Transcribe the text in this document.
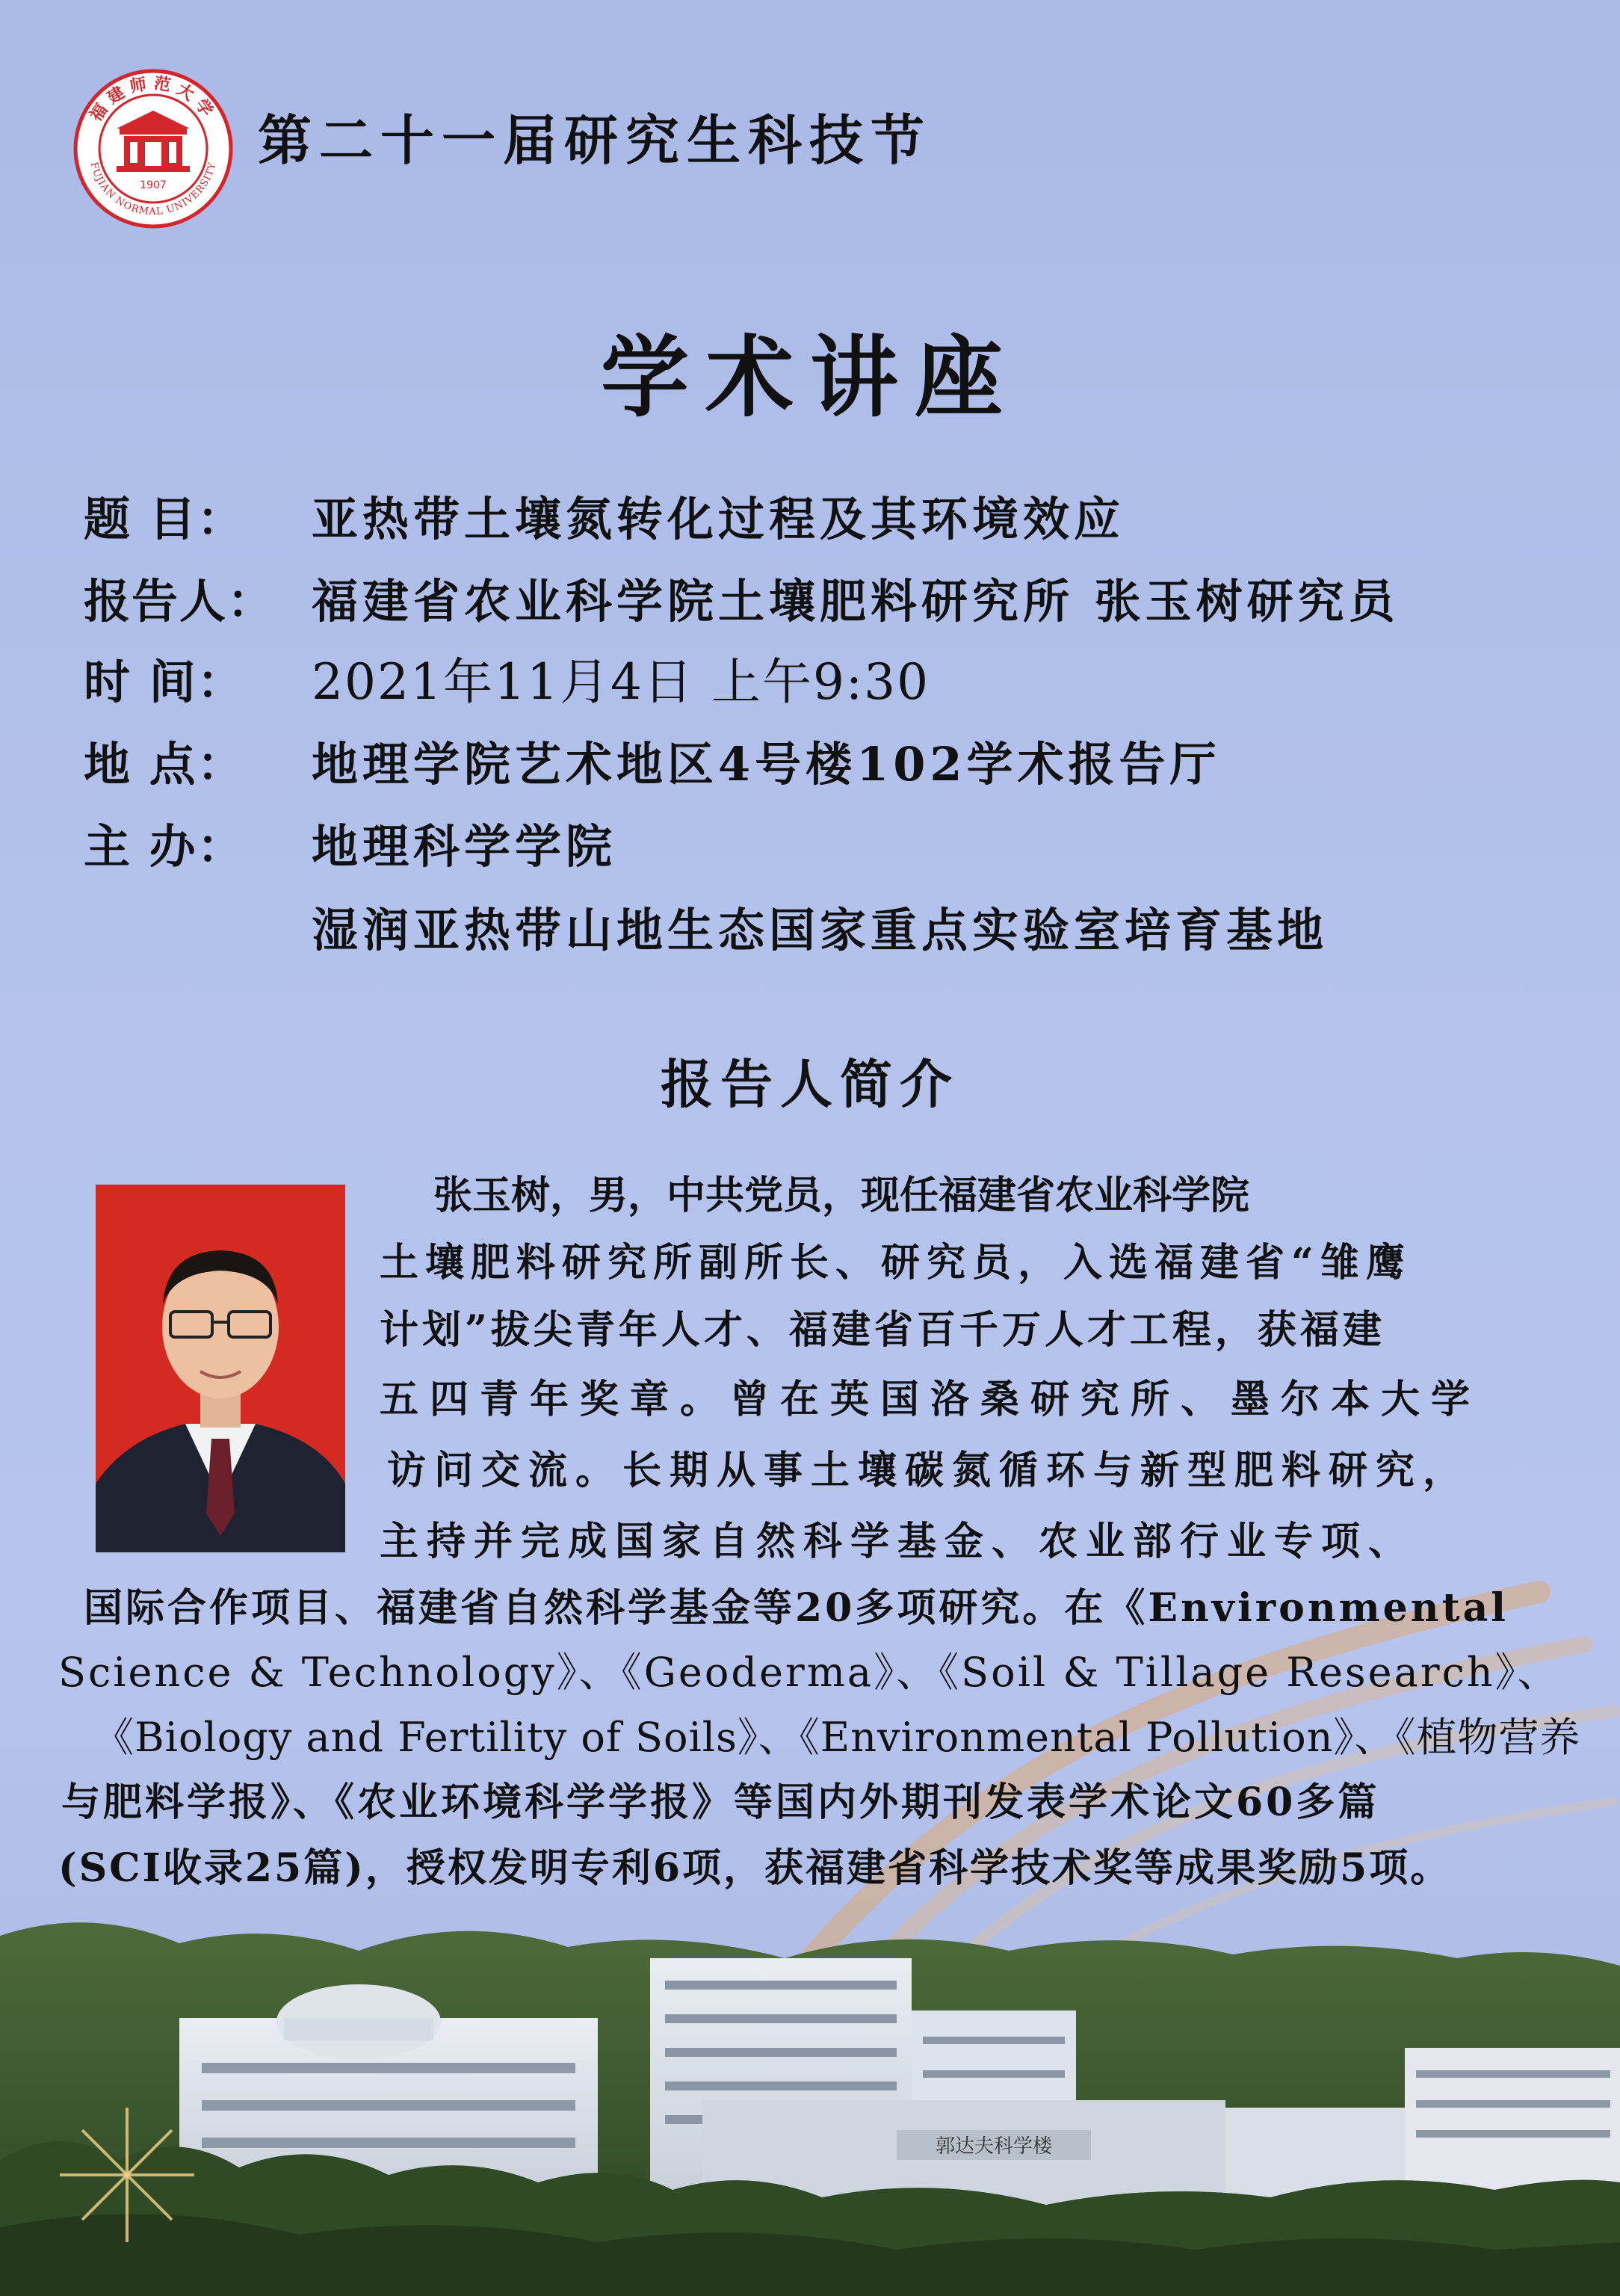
郭达夫科学楼
1907
福建师范大学
FUJIAN NORMAL UNIVERSITY 第二十一届研究生科技节
学术讲座
题 目： 亚热带土壤氮转化过程及其环境效应
报告人： 福建省农业科学院土壤肥料研究所 张玉树研究员
时 间： 2021年11月4日 上午9:30
地 点： 地理学院艺术地区4号楼102学术报告厅
主 办： 地理科学学院
湿润亚热带山地生态国家重点实验室培育基地
报告人简介
张玉树，男，中共党员，现任福建省农业科学院
土壤肥料研究所副所长、研究员，入选福建省“雏鹰
计划”拔尖青年人才、福建省百千万人才工程，获福建
五四青年奖章。曾在英国洛桑研究所、墨尔本大学
访问交流。长期从事土壤碳氮循环与新型肥料研究，
主持并完成国家自然科学基金、农业部行业专项、
国际合作项目、福建省自然科学基金等20多项研究。在《Environmental
Science & Technology》、《Geoderma》、《Soil & Tillage Research》、
《Biology and Fertility of Soils》、《Environmental Pollution》、《植物营养
与肥料学报》、《农业环境科学学报》等国内外期刊发表学术论文60多篇
(SCI收录25篇)，授权发明专利6项，获福建省科学技术奖等成果奖励5项。
